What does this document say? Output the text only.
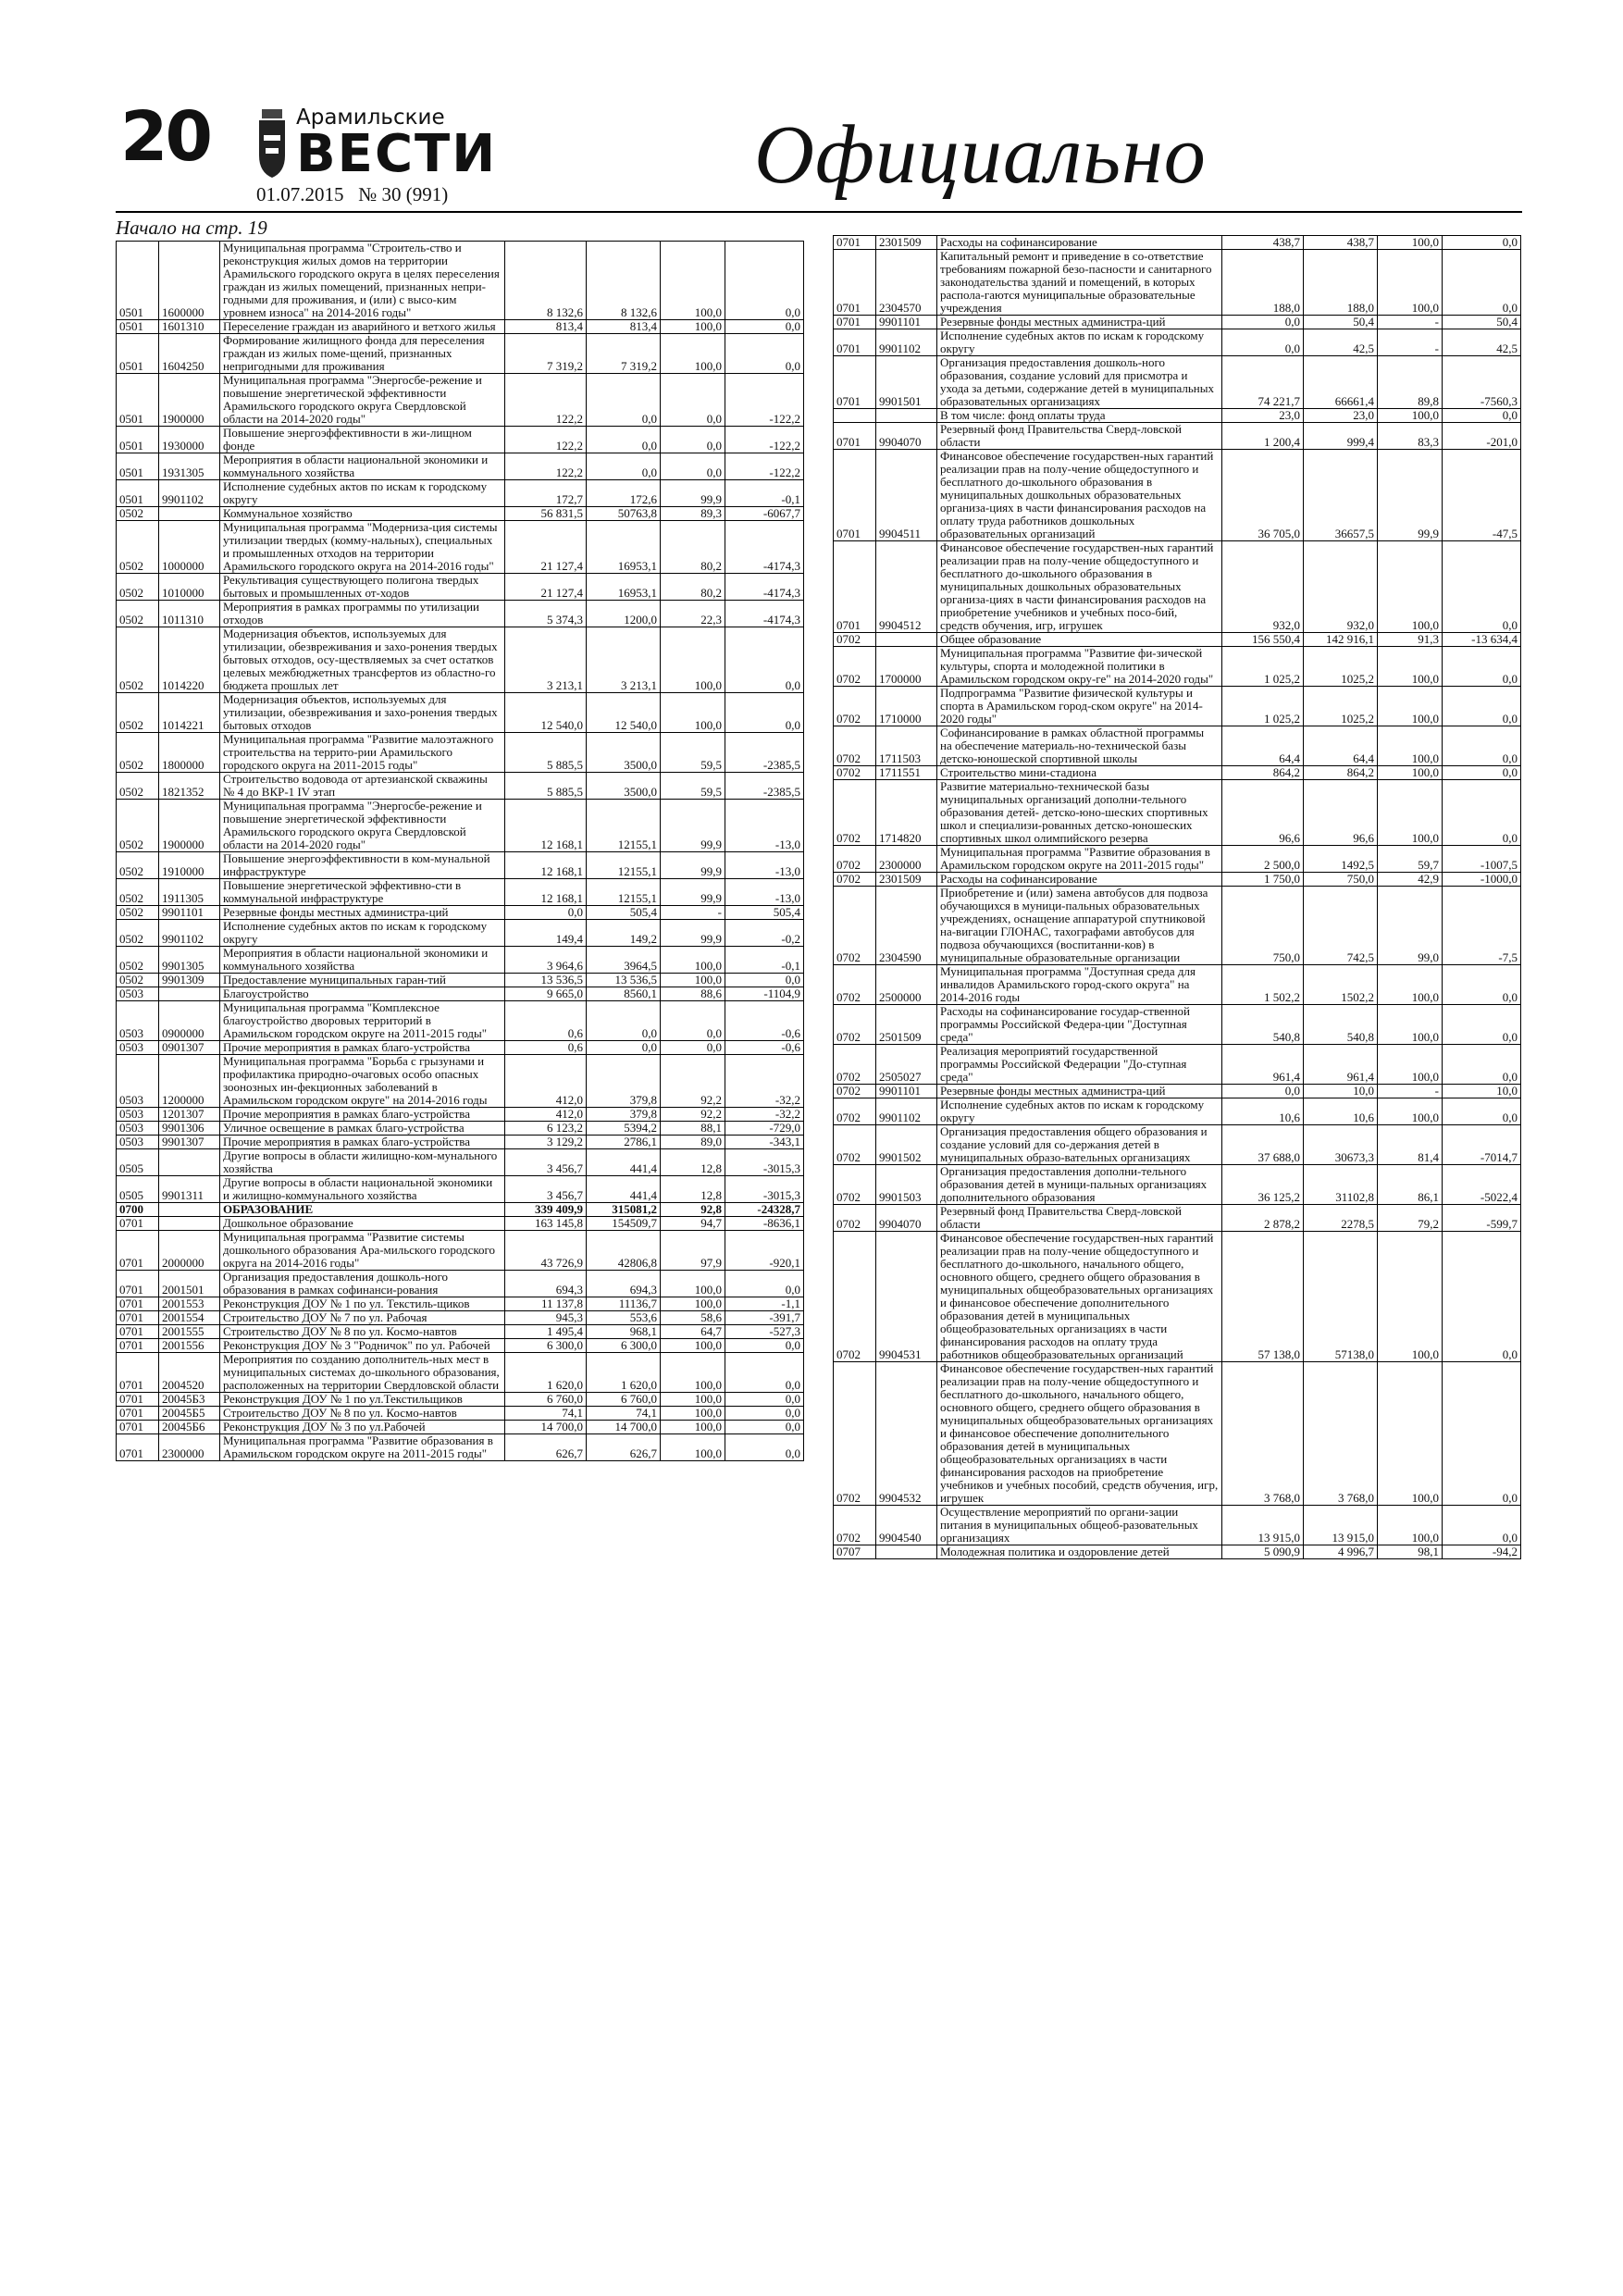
20	Арамильские
ВЕСТИ
01.07.2015 № 30 (991)	Официально
Начало на стр. 19
0501	1600000	Муниципальная программа "Строитель-ство и реконструкция жилых домов на территории Арамильского городского округа в целях переселения граждан из жилых помещений, признанных непри-годными для проживания, и (или) с высо-ким уровнем износа" на 2014-2016 годы"	8 132,6	8 132,6	100,0	0,0
0501	1601310	Переселение граждан из аварийного и ветхого жилья	813,4	813,4	100,0	0,0
0501	1604250	Формирование жилищного фонда для переселения граждан из жилых поме-щений, признанных непригодными для проживания	7 319,2	7 319,2	100,0	0,0
0501	1900000	Муниципальная программа "Энергосбе-режение и повышение энергетической эффективности Арамильского городского округа Свердловской области на 2014-2020 годы"	122,2	0,0	0,0	-122,2
0501	1930000	Повышение энергоэффективности в жи-лищном фонде	122,2	0,0	0,0	-122,2
0501	1931305	Мероприятия в области национальной экономики и коммунального хозяйства	122,2	0,0	0,0	-122,2
0501	9901102	Исполнение судебных актов по искам к городскому округу	172,7	172,6	99,9	-0,1
0502		Коммунальное хозяйство	56 831,5	50763,8	89,3	-6067,7
0502	1000000	Муниципальная программа "Модерниза-ция системы утилизации твердых (комму-нальных), специальных и промышленных отходов на территории Арамильского городского округа на 2014-2016 годы"	21 127,4	16953,1	80,2	-4174,3
0502	1010000	Рекультивация существующего полигона твердых бытовых и промышленных от-ходов	21 127,4	16953,1	80,2	-4174,3
0502	1011310	Мероприятия в рамках программы по утилизации отходов	5 374,3	1200,0	22,3	-4174,3
0502	1014220	Модернизация объектов, используемых для утилизации, обезвреживания и захо-ронения твердых бытовых отходов, осу-ществляемых за счет остатков целевых межбюджетных трансфертов из областно-го бюджета прошлых лет	3 213,1	3 213,1	100,0	0,0
0502	1014221	Модернизация объектов, используемых для утилизации, обезвреживания и захо-ронения твердых бытовых отходов	12 540,0	12 540,0	100,0	0,0
0502	1800000	Муниципальная программа "Развитие малоэтажного строительства на террито-рии Арамильского городского округа на 2011-2015 годы"	5 885,5	3500,0	59,5	-2385,5
0502	1821352	Строительство водовода от артезианской скважины № 4 до ВКР-1 IV этап	5 885,5	3500,0	59,5	-2385,5
0502	1900000	Муниципальная программа "Энергосбе-режение и повышение энергетической эффективности Арамильского городского округа Свердловской области на 2014-2020 годы"	12 168,1	12155,1	99,9	-13,0
0502	1910000	Повышение энергоэффективности в ком-мунальной инфраструктуре	12 168,1	12155,1	99,9	-13,0
0502	1911305	Повышение энергетической эффективно-сти в коммунальной инфраструктуре	12 168,1	12155,1	99,9	-13,0
0502	9901101	Резервные фонды местных администра-ций	0,0	505,4	-	505,4
0502	9901102	Исполнение судебных актов по искам к городскому округу	149,4	149,2	99,9	-0,2
0502	9901305	Мероприятия в области национальной экономики и коммунального хозяйства	3 964,6	3964,5	100,0	-0,1
0502	9901309	Предоставление муниципальных гаран-тий	13 536,5	13 536,5	100,0	0,0
0503		Благоустройство	9 665,0	8560,1	88,6	-1104,9
0503	0900000	Муниципальная программа "Комплексное благоустройство дворовых территорий в Арамильском городском округе на 2011-2015 годы"	0,6	0,0	0,0	-0,6
0503	0901307	Прочие мероприятия в рамках благо-устройства	0,6	0,0	0,0	-0,6
0503	1200000	Муниципальная программа "Борьба с грызунами и профилактика природно-очаговых особо опасных зоонозных ин-фекционных заболеваний в Арамильском городском округе" на 2014-2016 годы	412,0	379,8	92,2	-32,2
0503	1201307	Прочие мероприятия в рамках благо-устройства	412,0	379,8	92,2	-32,2
0503	9901306	Уличное освещение в рамках благо-устройства	6 123,2	5394,2	88,1	-729,0
0503	9901307	Прочие мероприятия в рамках благо-устройства	3 129,2	2786,1	89,0	-343,1
0505		Другие вопросы в области жилищно-ком-мунального хозяйства	3 456,7	441,4	12,8	-3015,3
0505	9901311	Другие вопросы в области национальной экономики и жилищно-коммунального хозяйства	3 456,7	441,4	12,8	-3015,3
0700		ОБРАЗОВАНИЕ	339 409,9	315081,2	92,8	-24328,7
0701		Дошкольное образование	163 145,8	154509,7	94,7	-8636,1
0701	2000000	Муниципальная программа "Развитие системы дошкольного образования Ара-мильского городского округа на 2014-2016 годы"	43 726,9	42806,8	97,9	-920,1
0701	2001501	Организация предоставления дошколь-ного образования в рамках софинанси-рования	694,3	694,3	100,0	0,0
0701	2001553	Реконструкция ДОУ № 1 по ул. Текстиль-щиков	11 137,8	11136,7	100,0	-1,1
0701	2001554	Строительство ДОУ № 7 по ул. Рабочая	945,3	553,6	58,6	-391,7
0701	2001555	Строительство ДОУ № 8 по ул. Космо-навтов	1 495,4	968,1	64,7	-527,3
0701	2001556	Реконструкция ДОУ № 3 "Родничок" по ул. Рабочей	6 300,0	6 300,0	100,0	0,0
0701	2004520	Мероприятия по созданию дополнитель-ных мест в муниципальных системах до-школьного образования, расположенных на территории Свердловской области	1 620,0	1 620,0	100,0	0,0
0701	20045Б3	Реконструкция ДОУ № 1 по ул.Текстильщиков	6 760,0	6 760,0	100,0	0,0
0701	20045Б5	Строительство ДОУ № 8 по ул. Космо-навтов	74,1	74,1	100,0	0,0
0701	20045Б6	Реконструкция ДОУ № 3 по ул.Рабочей	14 700,0	14 700,0	100,0	0,0
0701	2300000	Муниципальная программа "Развитие образования в Арамильском городском округе на 2011-2015 годы"	626,7	626,7	100,0	0,0
0701	2301509	Расходы на софинансирование	438,7	438,7	100,0	0,0
0701	2304570	Капитальный ремонт и приведение в со-ответствие требованиям пожарной безо-пасности и санитарного законодательства зданий и помещений, в которых распола-гаются муниципальные образовательные учреждения	188,0	188,0	100,0	0,0
0701	9901101	Резервные фонды местных администра-ций	0,0	50,4	-	50,4
0701	9901102	Исполнение судебных актов по искам к городскому округу	0,0	42,5	-	42,5
0701	9901501	Организация предоставления дошколь-ного образования, создание условий для присмотра и ухода за детьми, содержание детей в муниципальных образовательных организациях	74 221,7	66661,4	89,8	-7560,3
		В том числе: фонд оплаты труда	23,0	23,0	100,0	0,0
0701	9904070	Резервный фонд Правительства Сверд-ловской области	1 200,4	999,4	83,3	-201,0
0701	9904511	Финансовое обеспечение государствен-ных гарантий реализации прав на полу-чение общедоступного и бесплатного до-школьного образования в муниципальных дошкольных образовательных организа-циях в части финансирования расходов на оплату труда работников дошкольных образовательных организаций	36 705,0	36657,5	99,9	-47,5
0701	9904512	Финансовое обеспечение государствен-ных гарантий реализации прав на полу-чение общедоступного и бесплатного до-школьного образования в муниципальных дошкольных образовательных организа-циях в части финансирования расходов на приобретение учебников и учебных посо-бий, средств обучения, игр, игрушек	932,0	932,0	100,0	0,0
0702		Общее образование	156 550,4	142 916,1	91,3	-13 634,4
0702	1700000	Муниципальная программа "Развитие фи-зической культуры, спорта и молодежной политики в Арамильском городском окру-ге" на 2014-2020 годы"	1 025,2	1025,2	100,0	0,0
0702	1710000	Подпрограмма "Развитие физической культуры и спорта в Арамильском город-ском округе" на 2014-2020 годы"	1 025,2	1025,2	100,0	0,0
0702	1711503	Софинансирование в рамках областной программы на обеспечение материаль-но-технической базы детско-юношеской спортивной школы	64,4	64,4	100,0	0,0
0702	1711551	Строительство мини-стадиона	864,2	864,2	100,0	0,0
0702	1714820	Развитие материально-технической базы муниципальных организаций дополни-тельного образования детей- детско-юно-шеских спортивных школ и специализи-рованных детско-юношеских спортивных школ олимпийского резерва	96,6	96,6	100,0	0,0
0702	2300000	Муниципальная программа "Развитие образования в Арамильском городском округе на 2011-2015 годы"	2 500,0	1492,5	59,7	-1007,5
0702	2301509	Расходы на софинансирование	1 750,0	750,0	42,9	-1000,0
0702	2304590	Приобретение и (или) замена автобусов для подвоза обучающихся в муници-пальных образовательных учреждениях, оснащение аппаратурой спутниковой на-вигации ГЛОНАС, тахографами автобусов для подвоза обучающихся (воспитанни-ков) в муниципальные образовательные организации	750,0	742,5	99,0	-7,5
0702	2500000	Муниципальная программа "Доступная среда для инвалидов Арамильского город-ского округа" на 2014-2016 годы	1 502,2	1502,2	100,0	0,0
0702	2501509	Расходы на софинансирование государ-ственной программы Российской Федера-ции "Доступная среда"	540,8	540,8	100,0	0,0
0702	2505027	Реализация мероприятий государственной программы Российской Федерации "До-ступная среда"	961,4	961,4	100,0	0,0
0702	9901101	Резервные фонды местных администра-ций	0,0	10,0	-	10,0
0702	9901102	Исполнение судебных актов по искам к городскому округу	10,6	10,6	100,0	0,0
0702	9901502	Организация предоставления общего образования и создание условий для со-держания детей в муниципальных образо-вательных организациях	37 688,0	30673,3	81,4	-7014,7
0702	9901503	Организация предоставления дополни-тельного образования детей в муници-пальных организациях дополнительного образования	36 125,2	31102,8	86,1	-5022,4
0702	9904070	Резервный фонд Правительства Сверд-ловской области	2 878,2	2278,5	79,2	-599,7
0702	9904531	Финансовое обеспечение государствен-ных гарантий реализации прав на полу-чение общедоступного и бесплатного до-школьного, начального общего, основного общего, среднего общего образования в муниципальных общеобразовательных организациях и финансовое обеспечение дополнительного образования детей в муниципальных общеобразовательных организациях в части финансирования расходов на оплату труда работников общеобразовательных организаций	57 138,0	57138,0	100,0	0,0
0702	9904532	Финансовое обеспечение государствен-ных гарантий реализации прав на полу-чение общедоступного и бесплатного до-школьного, начального общего, основного общего, среднего общего образования в муниципальных общеобразовательных организациях и финансовое обеспечение дополнительного образования детей в муниципальных общеобразовательных организациях в части финансирования расходов на приобретение учебников и учебных пособий, средств обучения, игр, игрушек	3 768,0	3 768,0	100,0	0,0
0702	9904540	Осуществление мероприятий по органи-зации питания в муниципальных общеоб-разовательных организациях	13 915,0	13 915,0	100,0	0,0
0707		Молодежная политика и оздоровление детей	5 090,9	4 996,7	98,1	-94,2
